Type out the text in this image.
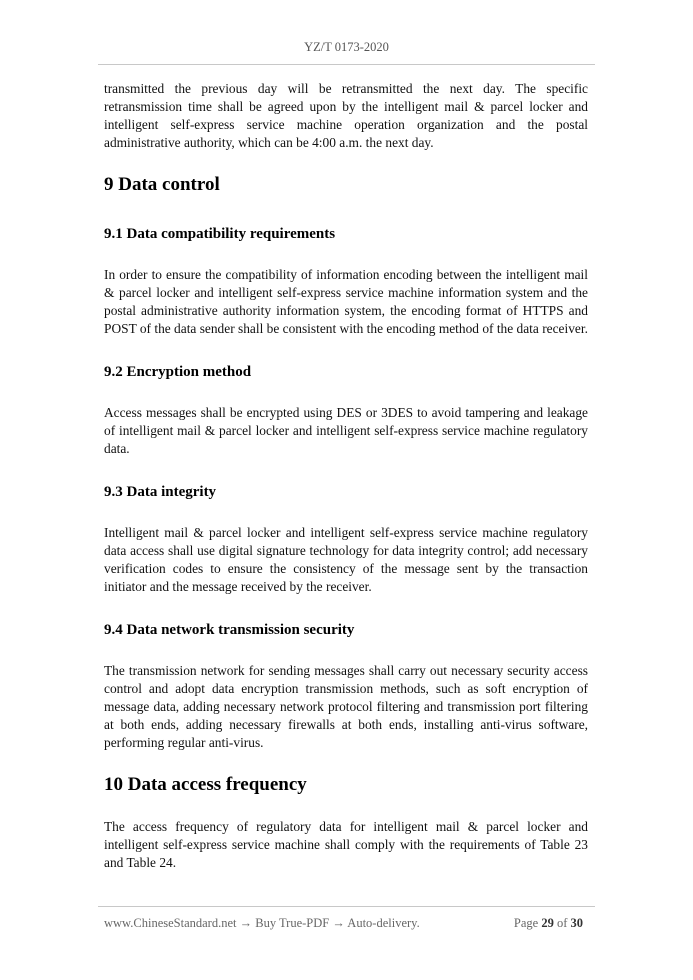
YZ/T 0173-2020

transmitted the previous day will be retransmitted the next day. The specific retransmission time shall be agreed upon by the intelligent mail & parcel locker and intelligent self-express service machine operation organization and the postal administrative authority, which can be 4:00 a.m. the next day.

9 Data control
9.1 Data compatibility requirements

In order to ensure the compatibility of information encoding between the intelligent mail & parcel locker and intelligent self-express service machine information system and the postal administrative authority information system, the encoding format of HTTPS and POST of the data sender shall be consistent with the encoding method of the data receiver.

9.2 Encryption method

Access messages shall be encrypted using DES or 3DES to avoid tampering and leakage of intelligent mail & parcel locker and intelligent self-express service machine regulatory data.

9.3 Data integrity

Intelligent mail & parcel locker and intelligent self-express service machine regulatory data access shall use digital signature technology for data integrity control; add necessary verification codes to ensure the consistency of the message sent by the transaction initiator and the message received by the receiver.

9.4 Data network transmission security

The transmission network for sending messages shall carry out necessary security access control and adopt data encryption transmission methods, such as soft encryption of message data, adding necessary network protocol filtering and transmission port filtering at both ends, adding necessary firewalls at both ends, installing anti-virus software, performing regular anti-virus.

10 Data access frequency

The access frequency of regulatory data for intelligent mail & parcel locker and intelligent self-express service machine shall comply with the requirements of Table 23 and Table 24.

www.ChineseStandard.net → Buy True-PDF → Auto-delivery.	Page 29 of 30
